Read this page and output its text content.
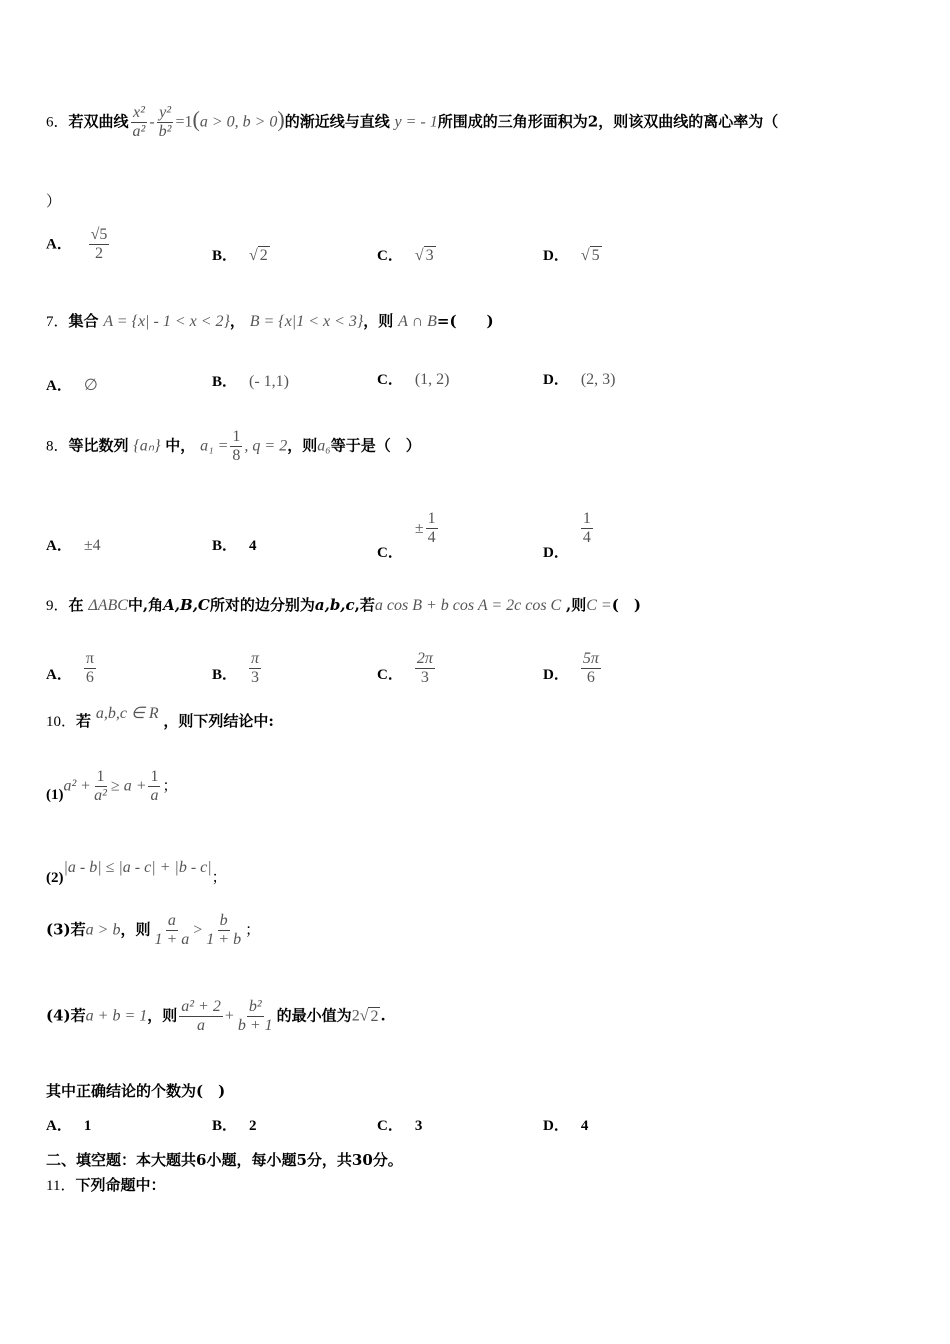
6．若双曲线 $\frac{\text{x²}}{\text{a²}} - \frac{\text{y²}}{\text{b²}} =1(a > 0$, b > 0)的渐近线与直线 y = - 1所围成的三角形面积为2，则该双曲线的离心率为（
）
A． $\frac{√5}{2}$	B． √ 2	C． √ 3	D． √ 5
7．集合 A = {x| - 1 < x < 2}， B = {x|1 < x < 3}，则 A ∩ B=(　　)
A． ∅	B． (- 1,1)	C． (1, 2)	D． (2, 3)
8．等比数列 {aₙ} 中， $a_1 = \frac{1}{8}$ , q = 2，则a₆等于是（　）
A． ±4	B． 4	C．± $\frac{1}{4}$
D．
$\frac{1}{4}$
9．在 ΔABC中,角A,B,C所对的边分别为a,b,c,若a cos B + b cos A = 2c cos C ,则C =(　)
A． $\frac{\pi}{6}$	B． $\frac{\pi}{3}$	C． $\frac{2\pi}{3}$	D． $\frac{5\pi}{6}$
10．若 a,b,c ∈ R ，则下列结论中:
$(1)a^2 + \frac{1}{\text{a²}} \ge a + \frac{1}{a}$ ；
(2)|a - b| ≤ |a - c| + |b - c|；
(3)若a > b，则 $\frac{a}{1 + a} > \frac{b}{1 + b}$ ；
(4)若a + b = 1，则 $\frac{\text{a² + 2}}{a} + \frac{\text{b²}}{b + 1}$ 的最小值为2√ 2 .
其中正确结论的个数为(　)
A． 1	B． 2	C． 3	D． 4
二、填空题：本大题共6小题，每小题5分，共30分。
11．下列命题中：
